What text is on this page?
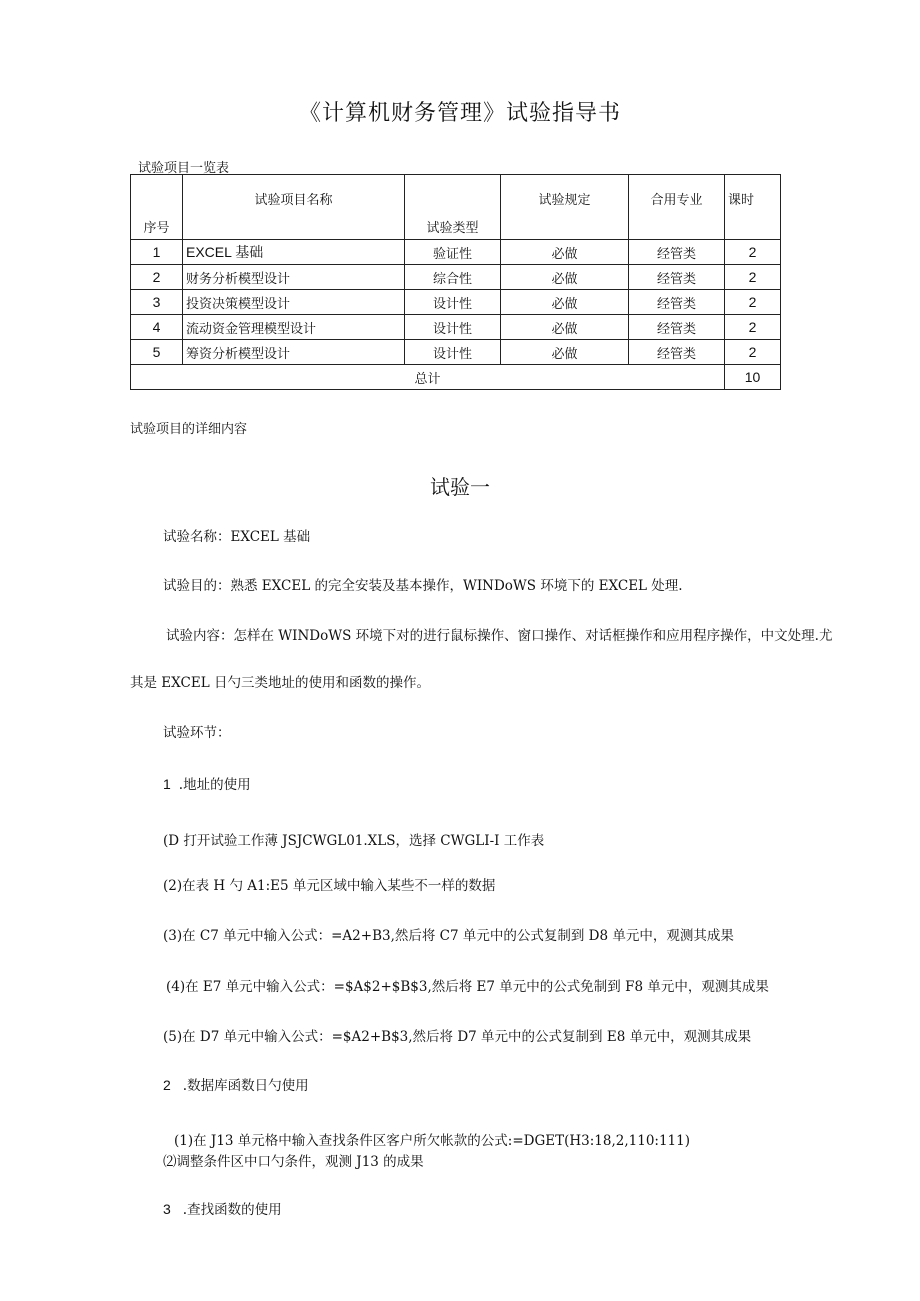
《计算机财务管理》试验指导书
试验项目一览表
序号	试验项目名称	试验类型	试验规定	合用专业	课时
1	EXCEL 基础	验证性	必做	经管类	2
2	财务分析模型设计	综合性	必做	经管类	2
3	投资决策模型设计	设计性	必做	经管类	2
4	流动资金管理模型设计	设计性	必做	经管类	2
5	筹资分析模型设计	设计性	必做	经管类	2
总计					10
试验项目的详细内容
试验一
试验名称：EXCEL 基础
试验目的：熟悉 EXCEL 的完全安装及基本操作，WINDoWS 环境下的 EXCEL 处理.
试验内容：怎样在 WINDoWS 环境下对的进行鼠标操作、窗口操作、对话框操作和应用程序操作，中文处理.尤
其是 EXCEL 日勺三类地址的使用和函数的操作。
试验环节：
1 .地址的使用
(D 打开试验工作薄 JSJCWGL01.XLS，选择 CWGLI-I 工作表
(2)在表 H 勺 A1:E5 单元区域中输入某些不一样的数据
(3)在 C7 单元中输入公式：=A2+B3,然后将 C7 单元中的公式复制到 D8 单元中，观测其成果
(4)在 E7 单元中输入公式：=$A$2+$B$3,然后将 E7 单元中的公式免制到 F8 单元中，观测其成果
(5)在 D7 单元中输入公式：=$A2+B$3,然后将 D7 单元中的公式复制到 E8 单元中，观测其成果
2 .数据库函数日勺使用
(1)在 J13 单元格中输入查找条件区客户所欠帐款的公式:=DGET(H3:18,2,110:111)
⑵调整条件区中口勺条件，观测 J13 的成果
3 .查找函数的使用
